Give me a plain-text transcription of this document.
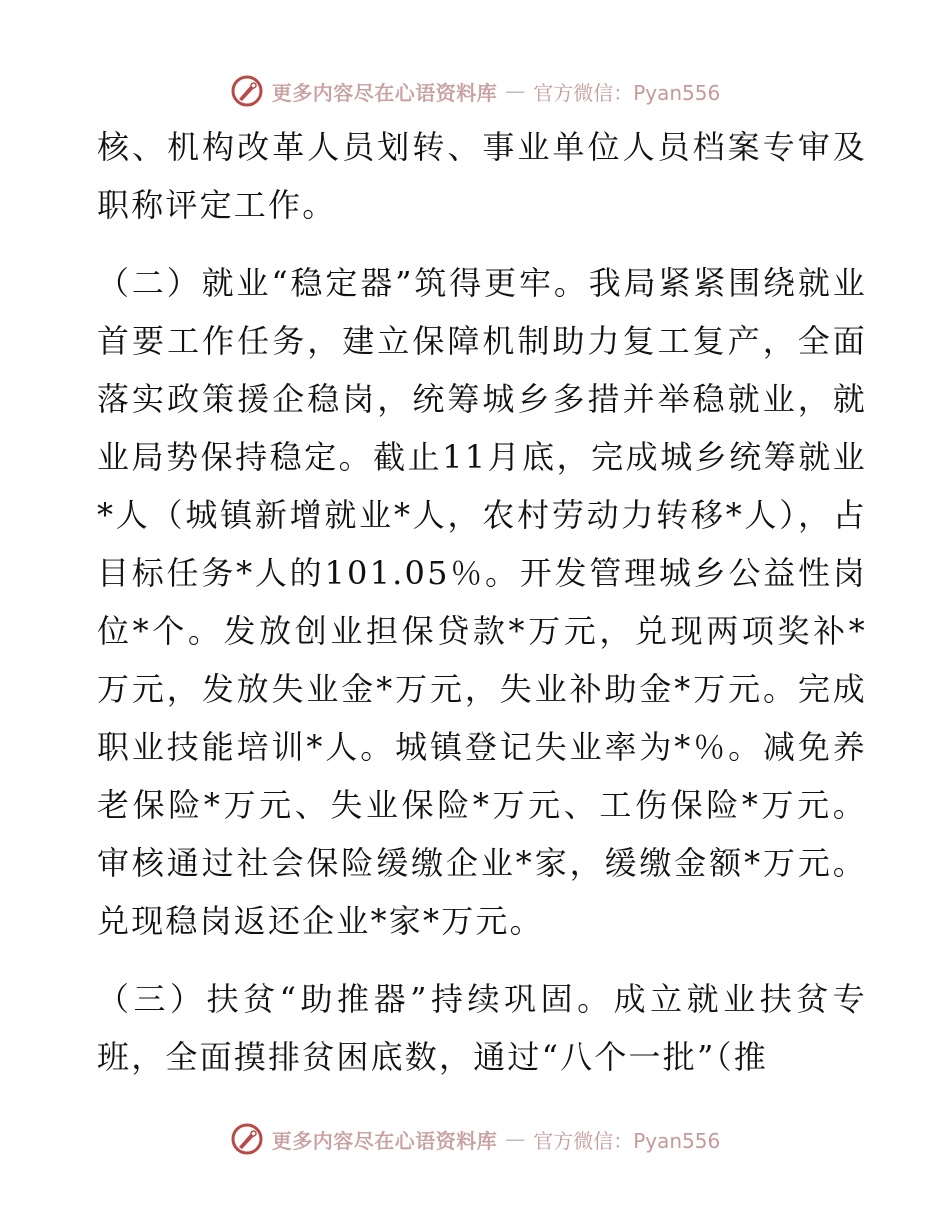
更多内容尽在心语资料库 — 官方微信：Pyan556

核、机构改革人员划转、事业单位人员档案专审及职称评定工作。

（二）就业“稳定器”筑得更牢。我局紧紧围绕就业首要工作任务，建立保障机制助力复工复产，全面落实政策援企稳岗，统筹城乡多措并举稳就业，就业局势保持稳定。截止11月底，完成城乡统筹就业*人（城镇新增就业*人，农村劳动力转移*人），占目标任务*人的101.05％。开发管理城乡公益性岗位*个。发放创业担保贷款*万元，兑现两项奖补*万元，发放失业金*万元，失业补助金*万元。完成职业技能培训*人。城镇登记失业率为*％。减免养老保险*万元、失业保险*万元、工伤保险*万元。审核通过社会保险缓缴企业*家，缓缴金额*万元。兑现稳岗返还企业*家*万元。

（三）扶贫“助推器”持续巩固。成立就业扶贫专班，全面摸排贫困底数，通过“八个一批”（推

更多内容尽在心语资料库 — 官方微信：Pyan556
